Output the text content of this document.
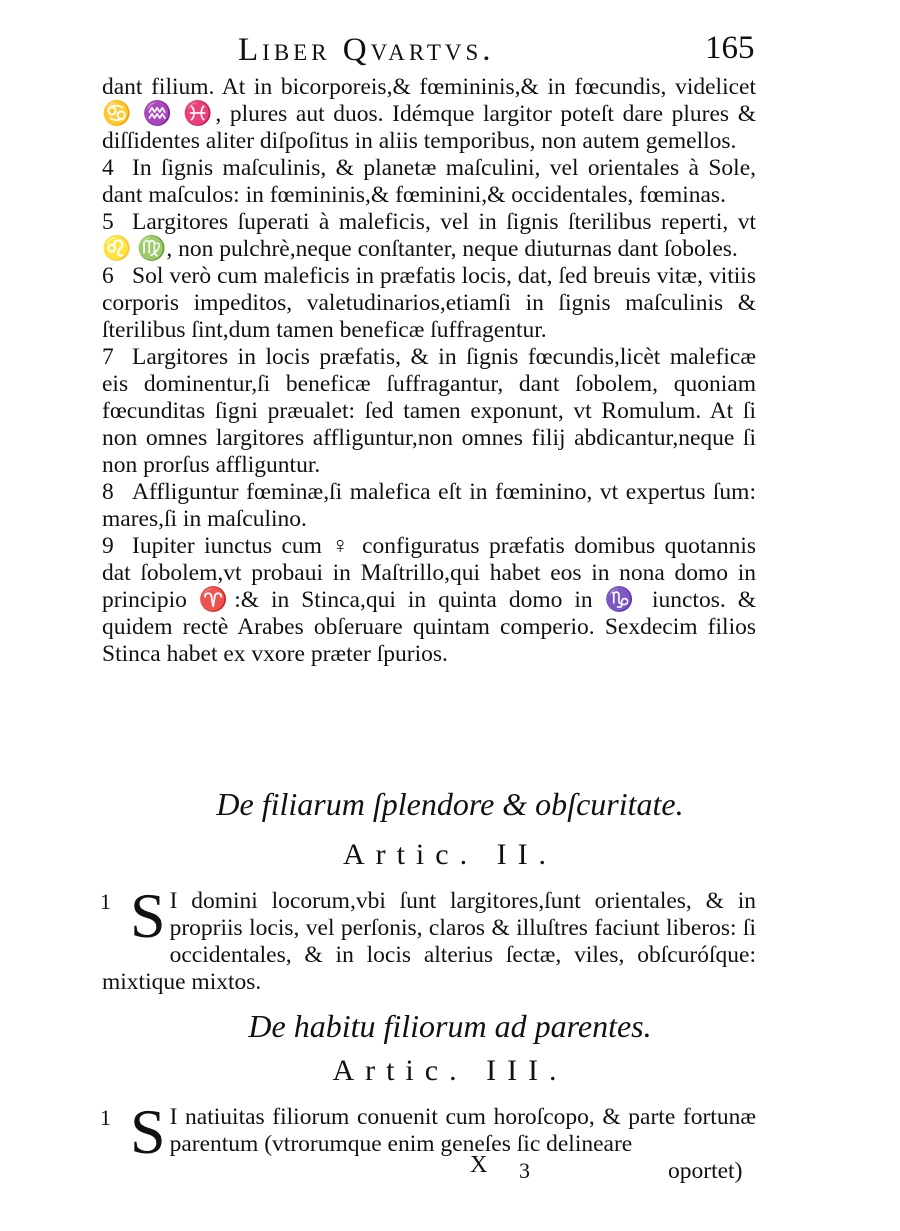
Liber Qvartvs.	165

dant filium. At in bicorporeis,& fœmininis,& in fœcundis, videlicet ♋ ♒ ♓, plures aut duos. Idémque largitor poteſt dare plures & diſſidentes aliter diſpoſitus in aliis temporibus, non autem gemellos.

4 In ſignis maſculinis, & planetæ maſculini, vel orientales à Sole, dant maſculos: in fœmininis,& fœminini,& occidentales, fœminas.

5 Largitores ſuperati à maleficis, vel in ſignis ſterilibus reperti, vt ♌ ♍, non pulchrè,neque conſtanter, neque diuturnas dant ſoboles.

6 Sol verò cum maleficis in præfatis locis, dat, ſed breuis vitæ, vitiis corporis impeditos, valetudinarios,etiamſi in ſignis maſculinis & ſterilibus ſint,dum tamen beneficæ ſuffragentur.

7 Largitores in locis præfatis, & in ſignis fœcundis,licèt maleficæ eis dominentur,ſi beneficæ ſuffragantur, dant ſobolem, quoniam fœcunditas ſigni præualet: ſed tamen exponunt, vt Romulum. At ſi non omnes largitores affliguntur,non omnes filij abdicantur,neque ſi non prorſus affliguntur.

8 Affliguntur fœminæ,ſi malefica eſt in fœminino, vt expertus ſum: mares,ſi in maſculino.

9 Iupiter iunctus cum ♀ configuratus præfatis domibus quotannis dat ſobolem,vt probaui in Maſtrillo,qui habet eos in nona domo in principio ♈:& in Stinca,qui in quinta domo in ♑ iunctos. & quidem rectè Arabes obſeruare quintam comperio. Sexdecim filios Stinca habet ex vxore præter ſpurios.

De filiarum ſplendore & obſcuritate.
Artic. II.
1 S I domini locorum,vbi ſunt largitores,ſunt orientales, & in propriis locis, vel perſonis, claros & illuſtres faciunt liberos: ſi occidentales, & in locis alterius ſectæ, viles, obſcuróſque: mixtique mixtos.
De habitu filiorum ad parentes.
Artic. III.
1 S I natiuitas filiorum conuenit cum horoſcopo, & parte fortunæ parentum (vtrorumque enim geneſes ſic delineare
X 3	oportet)
